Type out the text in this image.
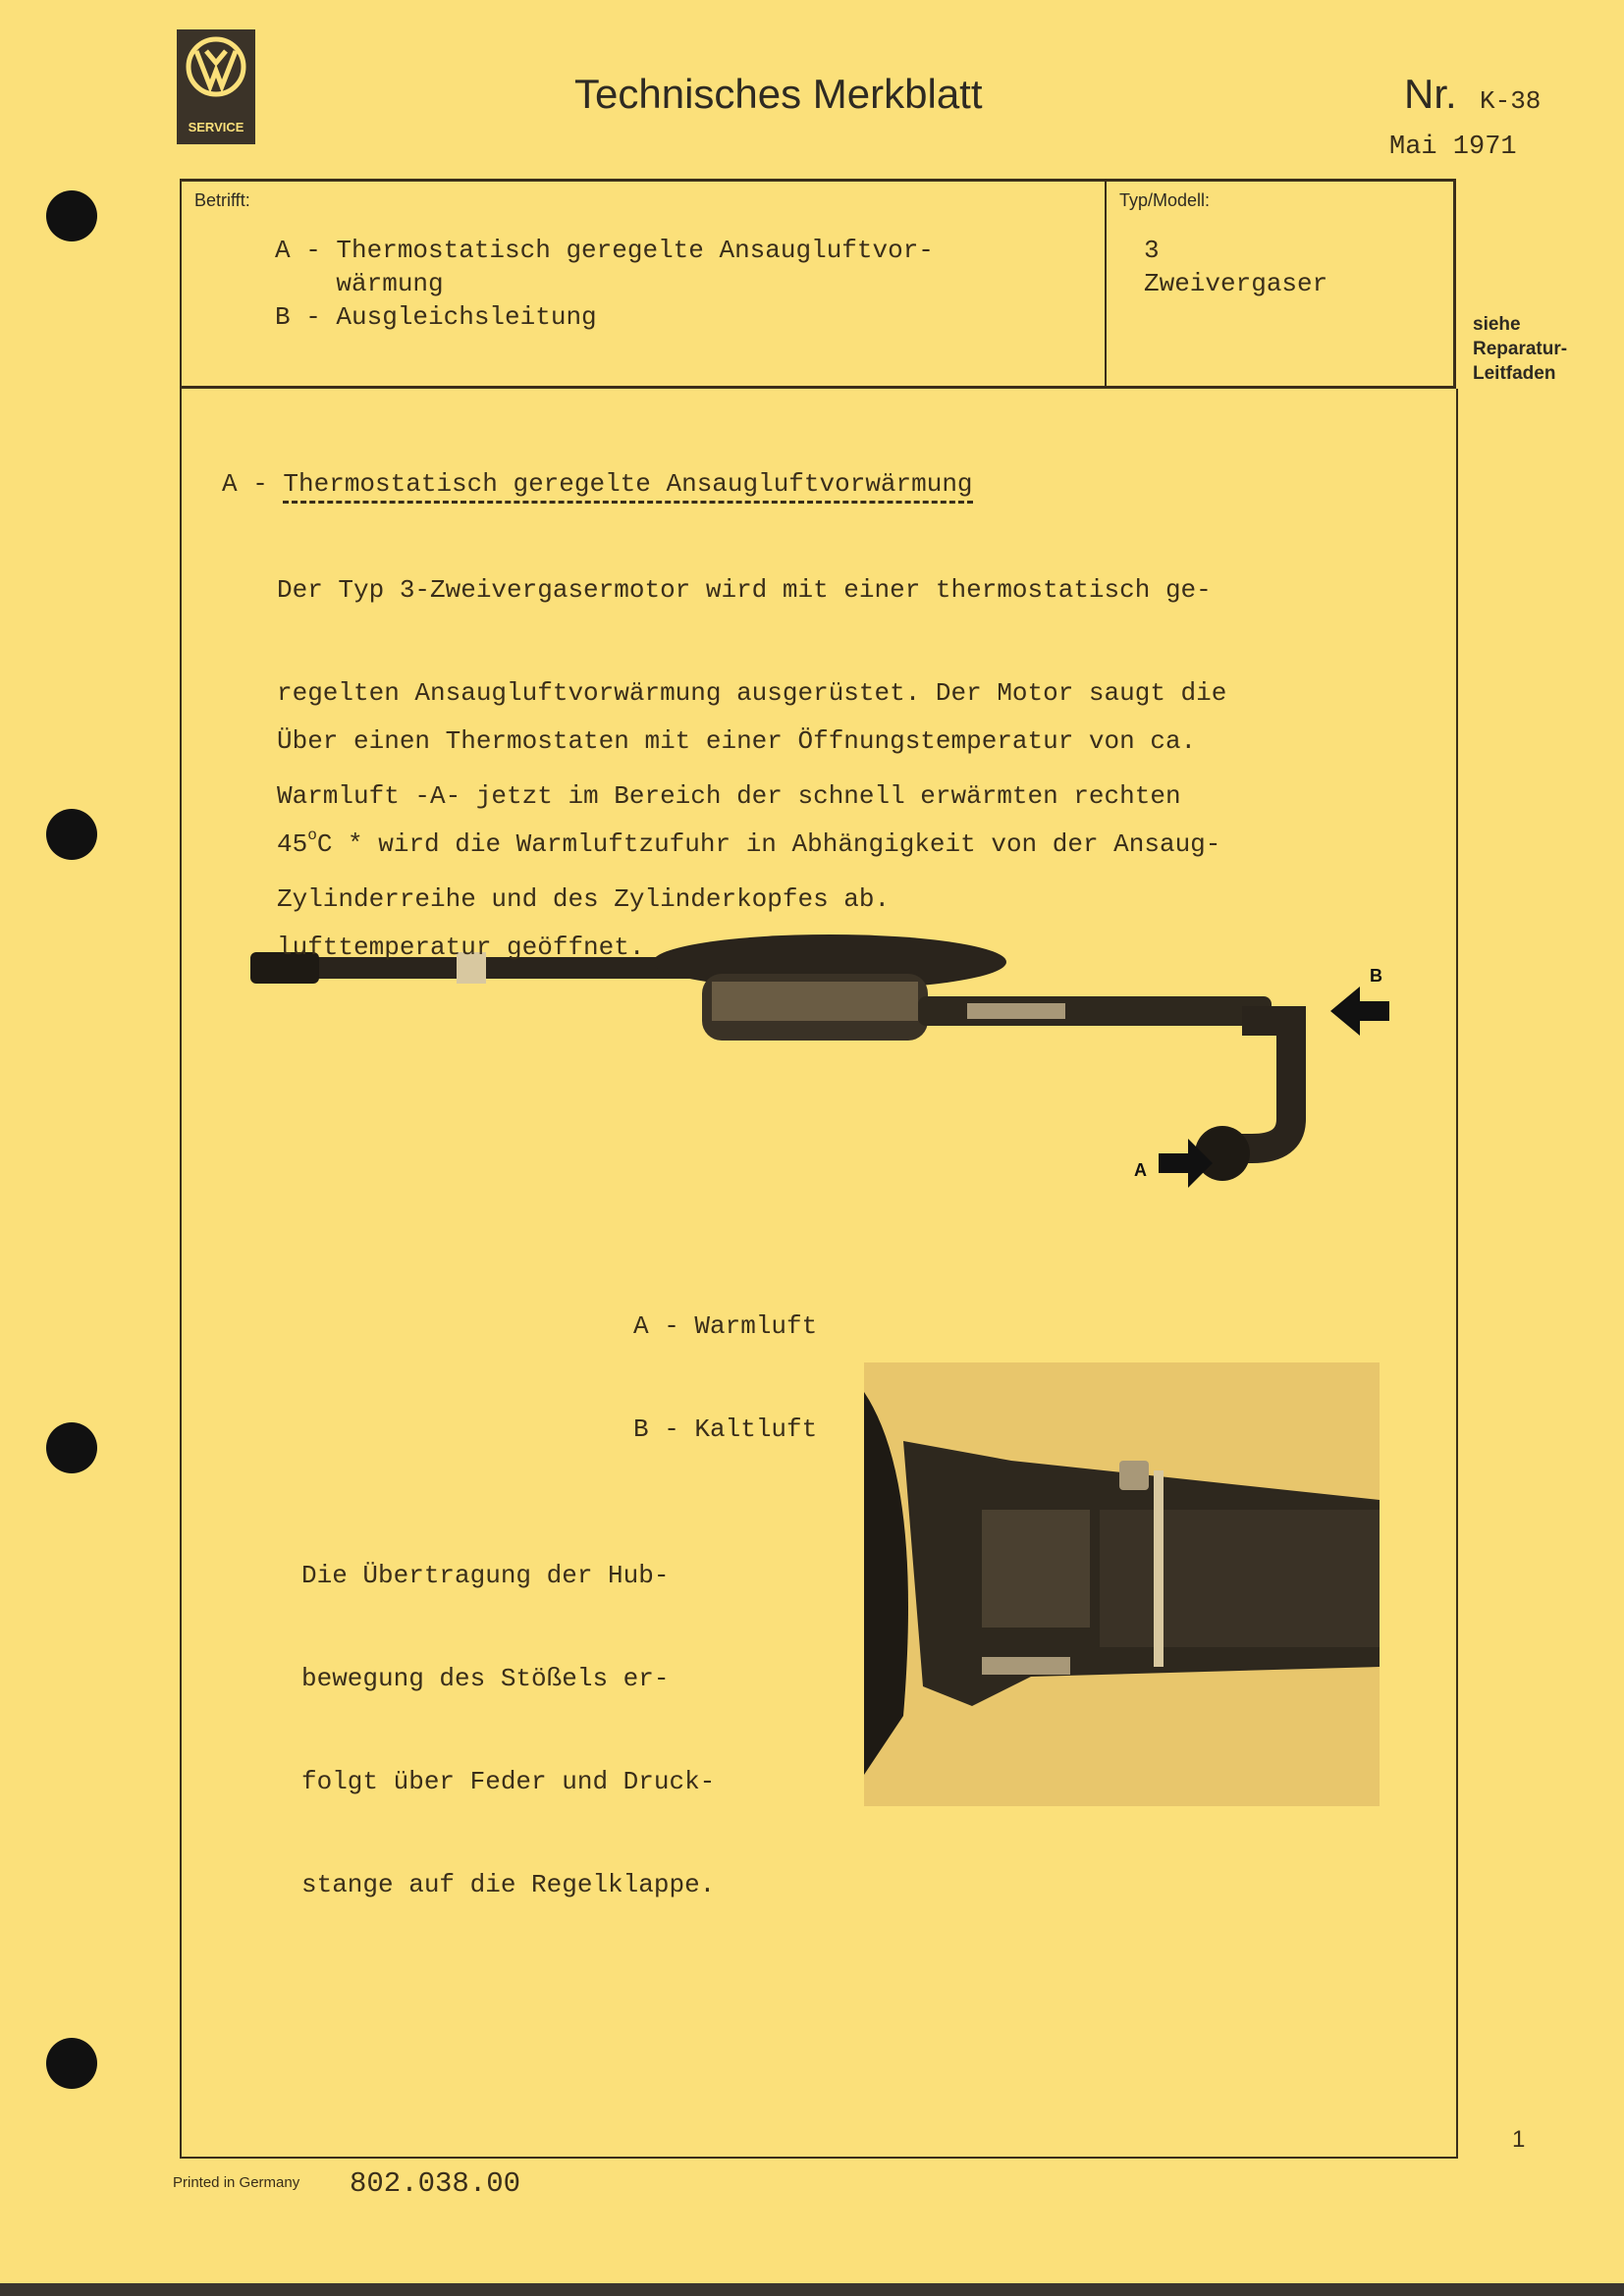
SERVICE
Technisches Merkblatt	Nr. K-38
Mai 1971
Betrifft:
A - Thermostatisch geregelte Ansaugluftvor-
wärmung
B - Ausgleichsleitung
Typ/Modell:
3
Zweivergaser
siehe
Reparatur-
Leitfaden
A - Thermostatisch geregelte Ansaugluftvorwärmung

Der Typ 3-Zweivergasermotor wird mit einer thermostatisch ge-

regelten Ansaugluftvorwärmung ausgerüstet. Der Motor saugt die

Warmluft -A- jetzt im Bereich der schnell erwärmten rechten

Zylinderreihe und des Zylinderkopfes ab.

Über einen Thermostaten mit einer Öffnungstemperatur von ca.

45$^o$C * wird die Warmluftzufuhr in Abhängigkeit von der Ansaug-

lufttemperatur geöffnet.

B
A

A - Warmluft

B - Kaltluft

Die Übertragung der Hub-

bewegung des Stößels er-

folgt über Feder und Druck-

stange auf die Regelklappe.

1
Printed in Germany 802.038.00
